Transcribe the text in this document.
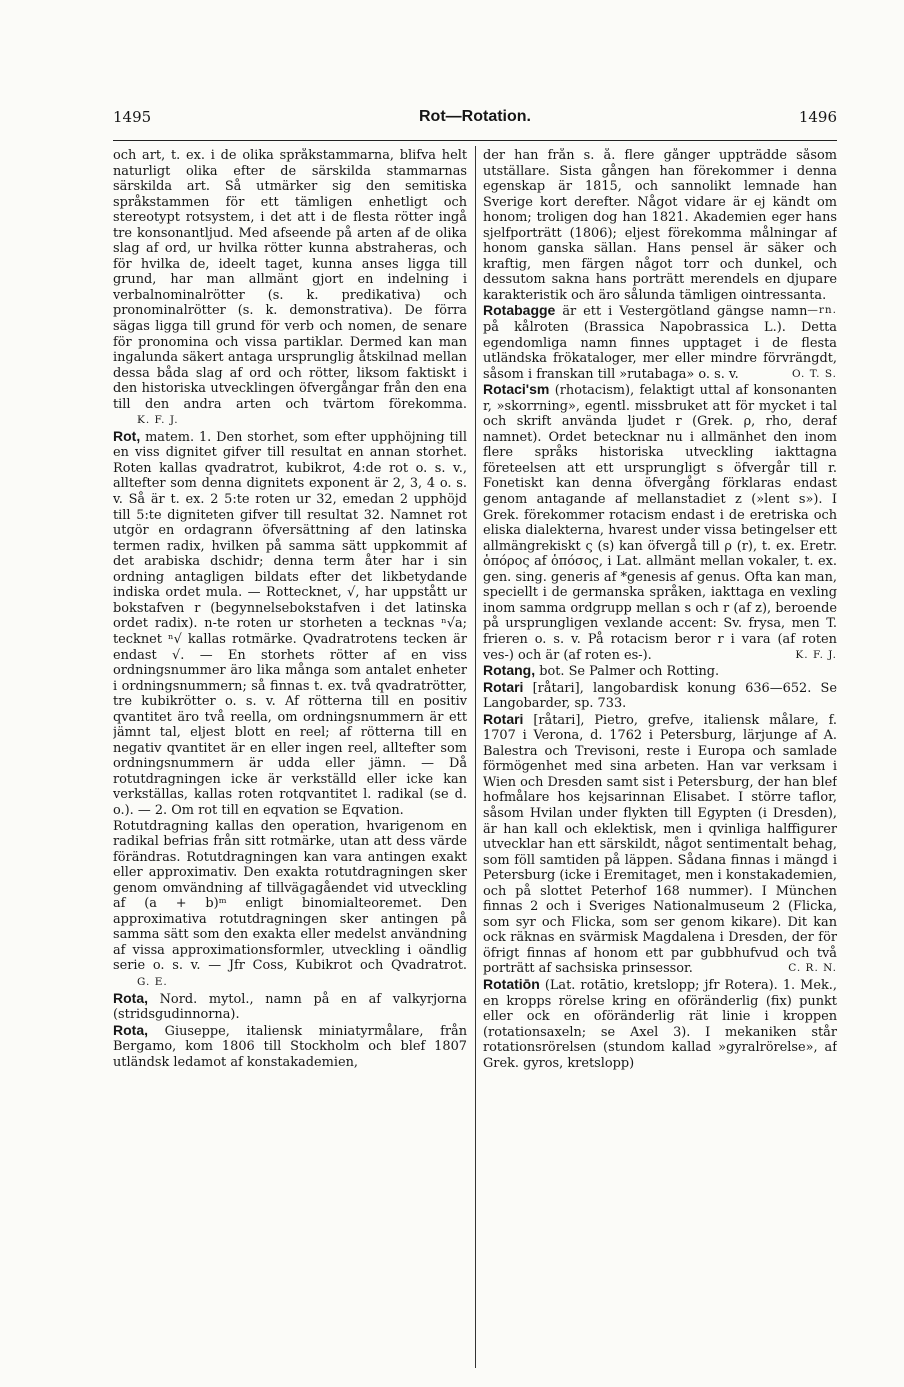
1495	Rot—Rotation.	1496

och art, t. ex. i de olika språkstammarna, blifva helt naturligt olika efter de särskilda stammarnas särskilda art. Så utmärker sig den semitiska språkstammen för ett tämligen enhetligt och stereotypt rotsystem, i det att i de flesta rötter ingå tre konsonantljud. Med afseende på arten af de olika slag af ord, ur hvilka rötter kunna abstraheras, och för hvilka de, ideelt taget, kunna anses ligga till grund, har man allmänt gjort en indelning i verbalnominalrötter (s. k. predikativa) och pronominalrötter (s. k. demonstrativa). De förra sägas ligga till grund för verb och nomen, de senare för pronomina och vissa partiklar. Dermed kan man ingalunda säkert antaga ursprunglig åtskilnad mellan dessa båda slag af ord och rötter, liksom faktiskt i den historiska utvecklingen öfvergångar från den ena till den andra arten och tvärtom förekomma.K. F. J.

Rot, matem. 1. Den storhet, som efter upphöjning till en viss dignitet gifver till resultat en annan storhet. Roten kallas qvadratrot, kubikrot, 4:de rot o. s. v., alltefter som denna dignitets exponent är 2, 3, 4 o. s. v. Så är t. ex. 2 5:te roten ur 32, emedan 2 upphöjd till 5:te digniteten gifver till resultat 32. Namnet rot utgör en ordagrann öfversättning af den latinska termen radix, hvilken på samma sätt uppkommit af det arabiska dschidr; denna term åter har i sin ordning antagligen bildats efter det likbetydande indiska ordet mula. — Rottecknet, √, har uppstått ur bokstafven r (begynnelsebokstafven i det latinska ordet radix). n-te roten ur storheten a tecknas ⁿ√a; tecknet ⁿ√ kallas rotmärke. Qvadratrotens tecken är endast √. — En storhets rötter af en viss ordningsnummer äro lika många som antalet enheter i ordningsnummern; så finnas t. ex. två qvadratrötter, tre kubikrötter o. s. v. Af rötterna till en positiv qvantitet äro två reella, om ordningsnummern är ett jämnt tal, eljest blott en reel; af rötterna till en negativ qvantitet är en eller ingen reel, alltefter som ordningsnummern är udda eller jämn. — Då rotutdragningen icke är verkställd eller icke kan verkställas, kallas roten rotqvantitet l. radikal (se d. o.). — 2. Om rot till en eqvation se Eqvation.

Rotutdragning kallas den operation, hvarigenom en radikal befrias från sitt rotmärke, utan att dess värde förändras. Rotutdragningen kan vara antingen exakt eller approximativ. Den exakta rotutdragningen sker genom omvändning af tillvägagåendet vid utveckling af (a + b)ᵐ enligt binomialteoremet. Den approximativa rotutdragningen sker antingen på samma sätt som den exakta eller medelst användning af vissa approximationsformler, utveckling i oändlig serie o. s. v. — Jfr Coss, Kubikrot och Qvadratrot.G. E.

Rota, Nord. mytol., namn på en af valkyrjorna (stridsgudinnorna).

Rota, Giuseppe, italiensk miniatyrmålare, från Bergamo, kom 1806 till Stockholm och blef 1807 utländsk ledamot af konstakademien,

der han från s. å. flere gånger uppträdde såsom utställare. Sista gången han förekommer i denna egenskap är 1815, och sannolikt lemnade han Sverige kort derefter. Något vidare är ej kändt om honom; troligen dog han 1821. Akademien eger hans sjelfporträtt (1806); eljest förekomma målningar af honom ganska sällan. Hans pensel är säker och kraftig, men färgen något torr och dunkel, och dessutom sakna hans porträtt merendels en djupare karakteristik och äro sålunda tämligen ointressanta.
—rn.

Rotabagge är ett i Vestergötland gängse namn på kålroten (Brassica Napobrassica L.). Detta egendomliga namn finnes upptaget i de flesta utländska frökataloger, mer eller mindre förvrängdt, såsom i franskan till »rutabaga» o. s. v.	O. T. S.

Rotaci'sm (rhotacism), felaktigt uttal af konsonanten r, »skorrning», egentl. missbruket att för mycket i tal och skrift använda ljudet r (Grek. ρ, rho, deraf namnet). Ordet betecknar nu i allmänhet den inom flere språks historiska utveckling iakttagna företeelsen att ett ursprungligt s öfvergår till r. Fonetiskt kan denna öfvergång förklaras endast genom antagande af mellanstadiet z (»lent s»). I Grek. förekommer rotacism endast i de eretriska och eliska dialekterna, hvarest under vissa betingelser ett allmängrekiskt ς (s) kan öfvergå till ρ (r), t. ex. Eretr. ὁπόρος af ὁπόσος, i Lat. allmänt mellan vokaler, t. ex. gen. sing. generis af *genesis af genus. Ofta kan man, speciellt i de germanska språken, iakttaga en vexling inom samma ordgrupp mellan s och r (af z), beroende på ursprungligen vexlande accent: Sv. frysa, men T. frieren o. s. v. På rotacism beror r i vara (af roten ves-) och är (af roten es-).	K. F. J.

Rotang, bot. Se Palmer och Rotting.

Rotari [råtari], langobardisk konung 636—652. Se Langobarder, sp. 733.

Rotari [råtari], Pietro, grefve, italiensk målare, f. 1707 i Verona, d. 1762 i Petersburg, lärjunge af A. Balestra och Trevisoni, reste i Europa och samlade förmögenhet med sina arbeten. Han var verksam i Wien och Dresden samt sist i Petersburg, der han blef hofmålare hos kejsarinnan Elisabet. I större taflor, såsom Hvilan under flykten till Egypten (i Dresden), är han kall och eklektisk, men i qvinliga halffigurer utvecklar han ett särskildt, något sentimentalt behag, som föll samtiden på läppen. Sådana finnas i mängd i Petersburg (icke i Eremitaget, men i konstakademien, och på slottet Peterhof 168 nummer). I München finnas 2 och i Sveriges Nationalmuseum 2 (Flicka, som syr och Flicka, som ser genom kikare). Dit kan ock räknas en svärmisk Magdalena i Dresden, der för öfrigt finnas af honom ett par gubbhufvud och två porträtt af sachsiska prinsessor.	C. R. N.

Rotatiōn (Lat. rotātio, kretslopp; jfr Rotera). 1. Mek., en kropps rörelse kring en oföränderlig (fix) punkt eller ock en oföränderlig rät linie i kroppen (rotationsaxeln; se Axel 3). I mekaniken står rotationsrörelsen (stundom kallad »gyralrörelse», af Grek. gyros, kretslopp)
